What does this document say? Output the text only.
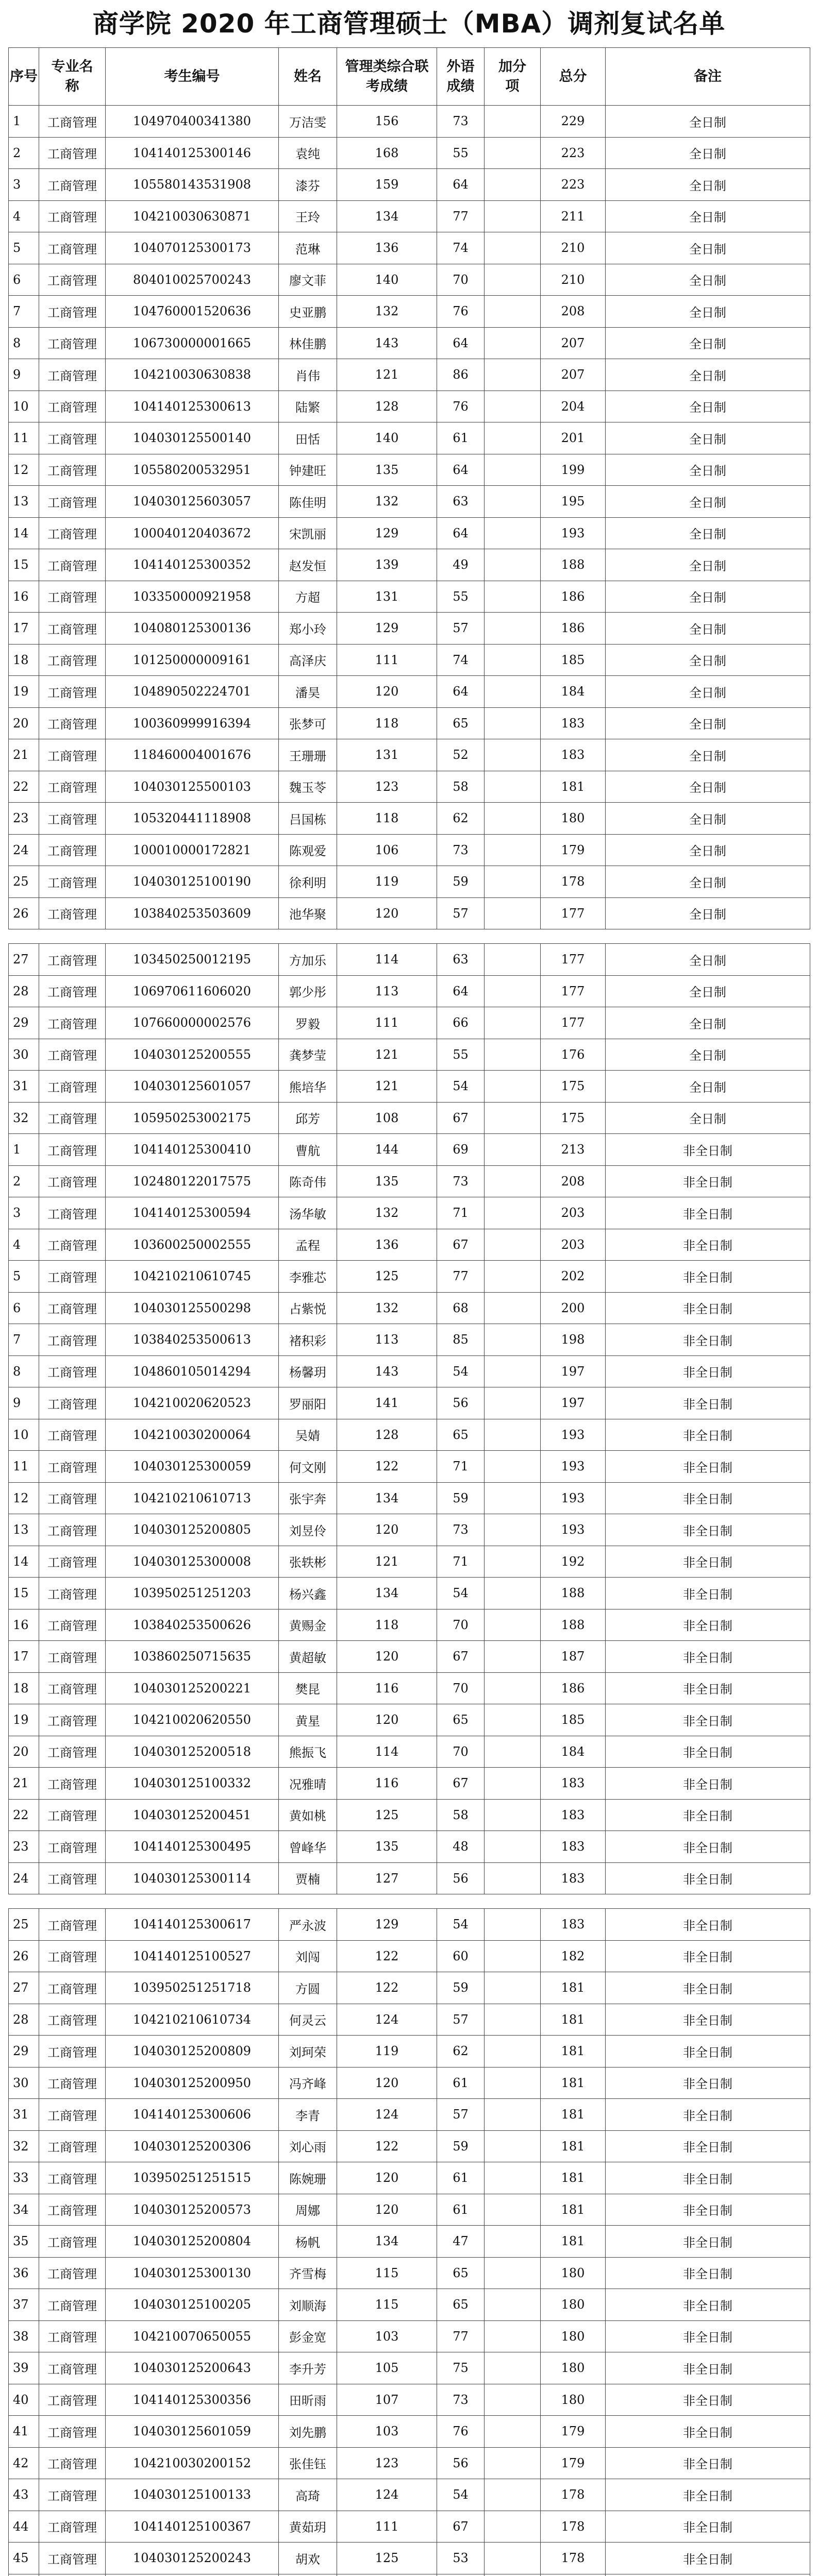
商学院 2020 年工商管理硕士（MBA）调剂复试名单
序号	专业名称	考生编号	姓名	管理类综合联考成绩	外语成绩	加分项	总分	备注
1	工商管理	104970400341380	万洁雯	156	73		229	全日制
2	工商管理	104140125300146	袁纯	168	55		223	全日制
3	工商管理	105580143531908	漆芬	159	64		223	全日制
4	工商管理	104210030630871	王玲	134	77		211	全日制
5	工商管理	104070125300173	范琳	136	74		210	全日制
6	工商管理	804010025700243	廖文菲	140	70		210	全日制
7	工商管理	104760001520636	史亚鹏	132	76		208	全日制
8	工商管理	106730000001665	林佳鹏	143	64		207	全日制
9	工商管理	104210030630838	肖伟	121	86		207	全日制
10	工商管理	104140125300613	陆繁	128	76		204	全日制
11	工商管理	104030125500140	田恬	140	61		201	全日制
12	工商管理	105580200532951	钟建旺	135	64		199	全日制
13	工商管理	104030125603057	陈佳明	132	63		195	全日制
14	工商管理	100040120403672	宋凯丽	129	64		193	全日制
15	工商管理	104140125300352	赵发恒	139	49		188	全日制
16	工商管理	103350000921958	方超	131	55		186	全日制
17	工商管理	104080125300136	郑小玲	129	57		186	全日制
18	工商管理	101250000009161	高泽庆	111	74		185	全日制
19	工商管理	104890502224701	潘昊	120	64		184	全日制
20	工商管理	100360999916394	张梦可	118	65		183	全日制
21	工商管理	118460004001676	王珊珊	131	52		183	全日制
22	工商管理	104030125500103	魏玉苓	123	58		181	全日制
23	工商管理	105320441118908	吕国栋	118	62		180	全日制
24	工商管理	100010000172821	陈观爱	106	73		179	全日制
25	工商管理	104030125100190	徐利明	119	59		178	全日制
26	工商管理	103840253503609	池华聚	120	57		177	全日制

27	工商管理	103450250012195	方加乐	114	63		177	全日制
28	工商管理	106970611606020	郭少彤	113	64		177	全日制
29	工商管理	107660000002576	罗毅	111	66		177	全日制
30	工商管理	104030125200555	龚梦莹	121	55		176	全日制
31	工商管理	104030125601057	熊培华	121	54		175	全日制
32	工商管理	105950253002175	邱芳	108	67		175	全日制
1	工商管理	104140125300410	曹航	144	69		213	非全日制
2	工商管理	102480122017575	陈奇伟	135	73		208	非全日制
3	工商管理	104140125300594	汤华敏	132	71		203	非全日制
4	工商管理	103600250002555	孟程	136	67		203	非全日制
5	工商管理	104210210610745	李雅芯	125	77		202	非全日制
6	工商管理	104030125500298	占紫悦	132	68		200	非全日制
7	工商管理	103840253500613	褚积彩	113	85		198	非全日制
8	工商管理	104860105014294	杨馨玥	143	54		197	非全日制
9	工商管理	104210020620523	罗丽阳	141	56		197	非全日制
10	工商管理	104210030200064	吴婧	128	65		193	非全日制
11	工商管理	104030125300059	何文刚	122	71		193	非全日制
12	工商管理	104210210610713	张宇奔	134	59		193	非全日制
13	工商管理	104030125200805	刘昱伶	120	73		193	非全日制
14	工商管理	104030125300008	张轶彬	121	71		192	非全日制
15	工商管理	103950251251203	杨兴鑫	134	54		188	非全日制
16	工商管理	103840253500626	黄赐金	118	70		188	非全日制
17	工商管理	103860250715635	黄超敏	120	67		187	非全日制
18	工商管理	104030125200221	樊昆	116	70		186	非全日制
19	工商管理	104210020620550	黄星	120	65		185	非全日制
20	工商管理	104030125200518	熊振飞	114	70		184	非全日制
21	工商管理	104030125100332	况雅晴	116	67		183	非全日制
22	工商管理	104030125200451	黄如桃	125	58		183	非全日制
23	工商管理	104140125300495	曾峰华	135	48		183	非全日制
24	工商管理	104030125300114	贾楠	127	56		183	非全日制

25	工商管理	104140125300617	严永波	129	54		183	非全日制
26	工商管理	104140125100527	刘闯	122	60		182	非全日制
27	工商管理	103950251251718	方圆	122	59		181	非全日制
28	工商管理	104210210610734	何灵云	124	57		181	非全日制
29	工商管理	104030125200809	刘珂荣	119	62		181	非全日制
30	工商管理	104030125200950	冯齐峰	120	61		181	非全日制
31	工商管理	104140125300606	李青	124	57		181	非全日制
32	工商管理	104030125200306	刘心雨	122	59		181	非全日制
33	工商管理	103950251251515	陈婉珊	120	61		181	非全日制
34	工商管理	104030125200573	周娜	120	61		181	非全日制
35	工商管理	104030125200804	杨帆	134	47		181	非全日制
36	工商管理	104030125300130	齐雪梅	115	65		180	非全日制
37	工商管理	104030125100205	刘顺海	115	65		180	非全日制
38	工商管理	104210070650055	彭金宽	103	77		180	非全日制
39	工商管理	104030125200643	李升芳	105	75		180	非全日制
40	工商管理	104140125300356	田昕雨	107	73		180	非全日制
41	工商管理	104030125601059	刘先鹏	103	76		179	非全日制
42	工商管理	104210030200152	张佳钰	123	56		179	非全日制
43	工商管理	104030125100133	高琦	124	54		178	非全日制
44	工商管理	104140125100367	黄茹玥	111	67		178	非全日制
45	工商管理	104030125200243	胡欢	125	53		178	非全日制
